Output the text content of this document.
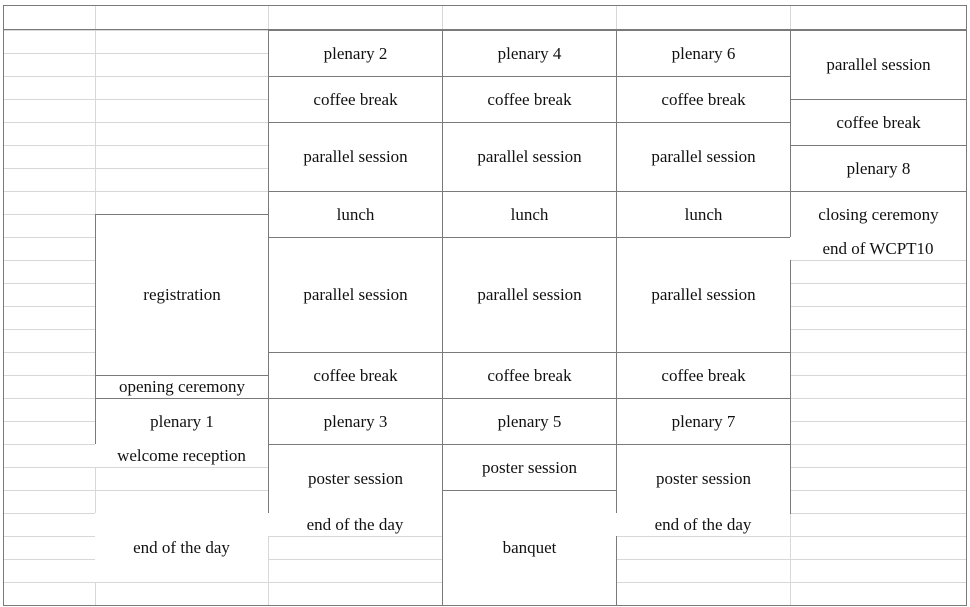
registration
opening ceremony
plenary 1
welcome reception
end of the day
plenary 2
coffee break
parallel session
lunch
parallel session
coffee break
plenary 3
poster session
end of the day
plenary 4
coffee break
parallel session
lunch
parallel session
coffee break
plenary 5
poster session
banquet
plenary 6
coffee break
parallel session
lunch
parallel session
coffee break
plenary 7
poster session
end of the day
parallel session
coffee break
plenary 8
closing ceremony
end of WCPT10
